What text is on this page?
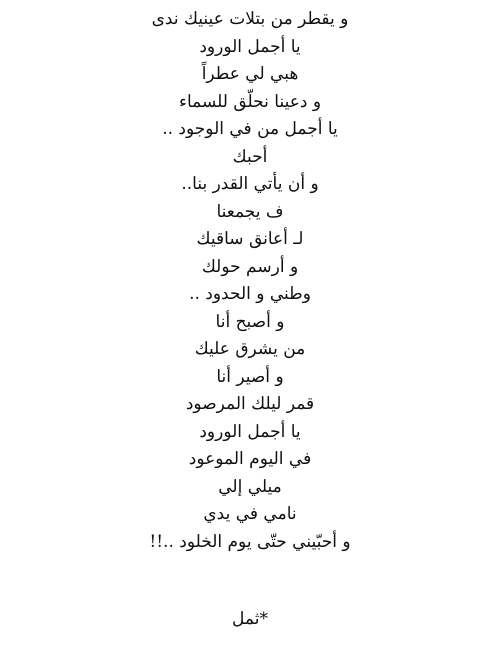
و يقطر من بتلات عينيك ندى
يا أجمل الورود
هبي لي عطراً
و دعينا نحلّق للسماء
يا أجمل من في الوجود ..
أحبك
و أن يأتي القدر بنا..
ف يجمعنا
لـ أعانق ساقيك
و أرسم حولك
وطني و الحدود ..
و أصبح أنا
من يشرق عليك
و أصير أنا
قمر ليلك المرصود
يا أجمل الورود
في اليوم الموعود
ميلي إلي
نامي في يدي
و أحبّيني حتّى يوم الخلود ..!!

*ثمل
